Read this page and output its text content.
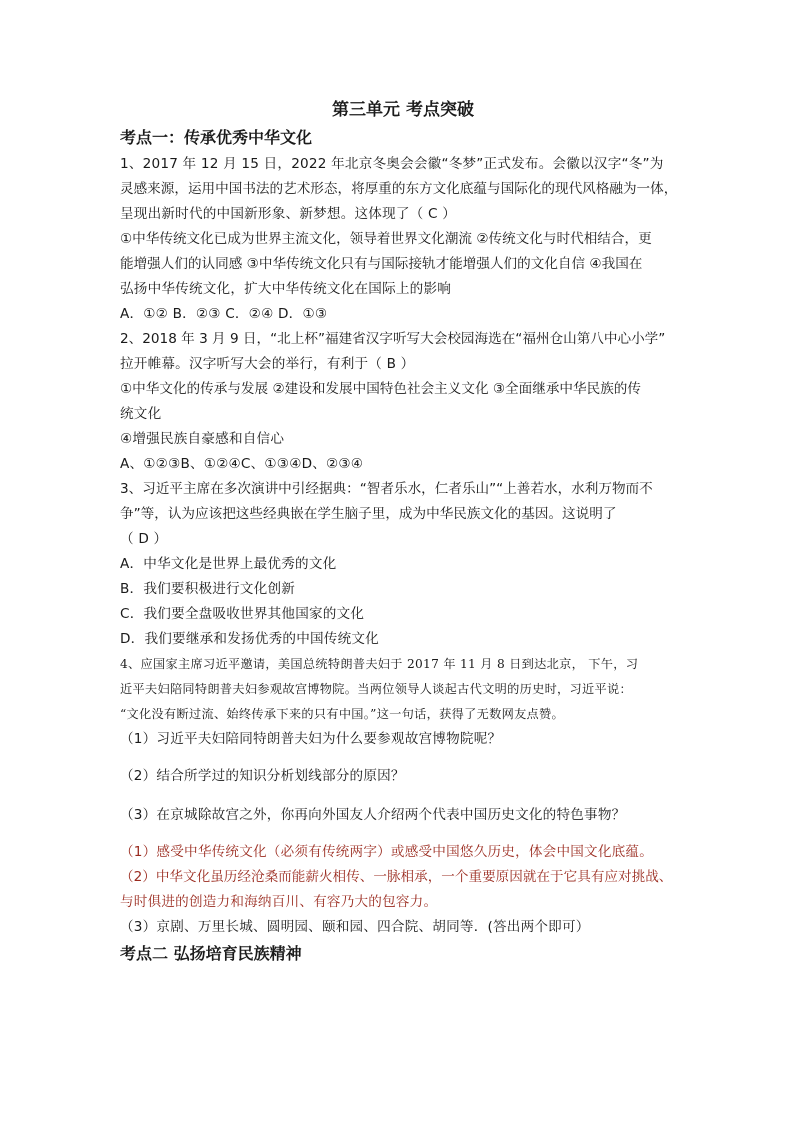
第三单元 考点突破
考点一：传承优秀中华文化
1、2017 年 12 月 15 日，2022 年北京冬奥会会徽“冬梦”正式发布。会徽以汉字“冬”为
灵感来源，运用中国书法的艺术形态，将厚重的东方文化底蕴与国际化的现代风格融为一体，
呈现出新时代的中国新形象、新梦想。这体现了（ C ）
①中华传统文化已成为世界主流文化，领导着世界文化潮流 ②传统文化与时代相结合，更
能增强人们的认同感 ③中华传统文化只有与国际接轨才能增强人们的文化自信 ④我国在
弘扬中华传统文化，扩大中华传统文化在国际上的影响
A．①② B．②③ C．②④ D．①③
2、2018 年 3 月 9 日，“北上杯”福建省汉字听写大会校园海选在“福州仓山第八中心小学”
拉开帷幕。汉字听写大会的举行，有利于（ B ）
①中华文化的传承与发展 ②建设和发展中国特色社会主义文化 ③全面继承中华民族的传
统文化
④增强民族自豪感和自信心
A、①②③B、①②④C、①③④D、②③④
3、习近平主席在多次演讲中引经据典：“智者乐水，仁者乐山”“上善若水，水利万物而不
争”等，认为应该把这些经典嵌在学生脑子里，成为中华民族文化的基因。这说明了
（ D ）
A．中华文化是世界上最优秀的文化
B．我们要积极进行文化创新
C．我们要全盘吸收世界其他国家的文化
D．我们要继承和发扬优秀的中国传统文化
4、应国家主席习近平邀请，美国总统特朗普夫妇于 2017 年 11 月 8 日到达北京， 下午，习
近平夫妇陪同特朗普夫妇参观故宫博物院。当两位领导人谈起古代文明的历史时，习近平说：
“文化没有断过流、始终传承下来的只有中国。”这一句话，获得了无数网友点赞。
（1）习近平夫妇陪同特朗普夫妇为什么要参观故宫博物院呢？
（2）结合所学过的知识分析划线部分的原因？
（3）在京城除故宫之外，你再向外国友人介绍两个代表中国历史文化的特色事物？
（1）感受中华传统文化（必须有传统两字）或感受中国悠久历史，体会中国文化底蕴。
（2）中华文化虽历经沧桑而能薪火相传、一脉相承，一个重要原因就在于它具有应对挑战、
与时俱进的创造力和海纳百川、有容乃大的包容力。
（3）京剧、万里长城、圆明园、颐和园、四合院、胡同等．(答出两个即可）
考点二 弘扬培育民族精神
